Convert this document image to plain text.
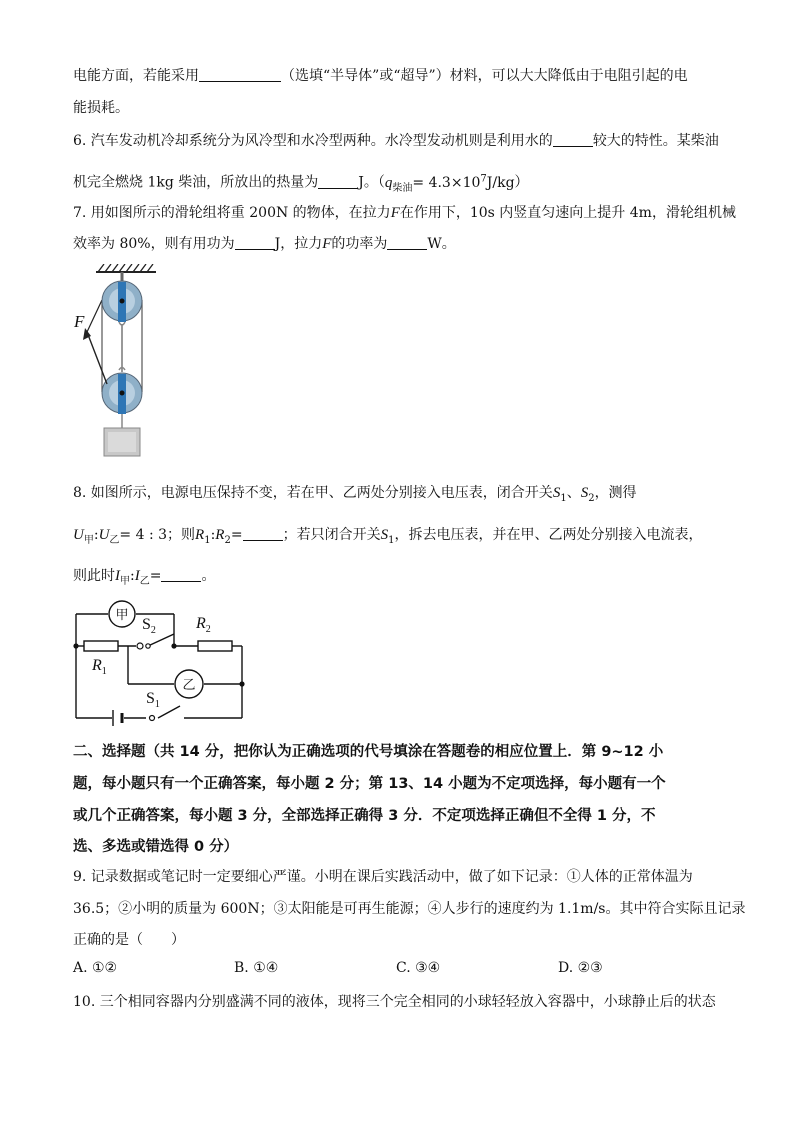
电能方面，若能采用	（选填“半导体”或“超导”）材料，可以大大降低由于电阻引起的电
能损耗。
6. 汽车发动机冷却系统分为风冷型和水冷型两种。水冷型发动机则是利用水的	较大的特性。某柴油
机完全燃烧 1kg 柴油，所放出的热量为	J。$(q_{柴油}= 4.3\times 10^7J/kg)$
7. 用如图所示的滑轮组将重 200N 的物体，在拉力F在作用下，10s 内竖直匀速向上提升 4m，滑轮组机械
效率为 80%，则有用功为	J，拉力F的功率为	W。
F
8. 如图所示，电源电压保持不变，若在甲、乙两处分别接入电压表，闭合开关$S_1$、$S_2$，测得
$U_甲:U_乙= 4$ : 3；则$R_1:R_2=$	；若只闭合开关$S_1$，拆去电压表，并在甲、乙两处分别接入电流表，
则此时$I_甲:I_乙=$	。
甲
乙
$S_2$	$R_2$
$R_1$
$S_1$
二、选择题（共 14 分，把你认为正确选项的代号填涂在答题卷的相应位置上．第 9~12 小
题，每小题只有一个正确答案，每小题 2 分；第 13、14 小题为不定项选择，每小题有一个
或几个正确答案，每小题 3 分，全部选择正确得 3 分．不定项选择正确但不全得 1 分，不
选、多选或错选得 0 分）
9. 记录数据或笔记时一定要细心严谨。小明在课后实践活动中，做了如下记录：①人体的正常体温为
36.5；②小明的质量为 600N；③太阳能是可再生能源；④人步行的速度约为 1.1m/s。其中符合实际且记录
正确的是（　　）
A. ①②	B. ①④	C. ③④	D. ②③
10. 三个相同容器内分别盛满不同的液体，现将三个完全相同的小球轻轻放入容器中，小球静止后的状态
